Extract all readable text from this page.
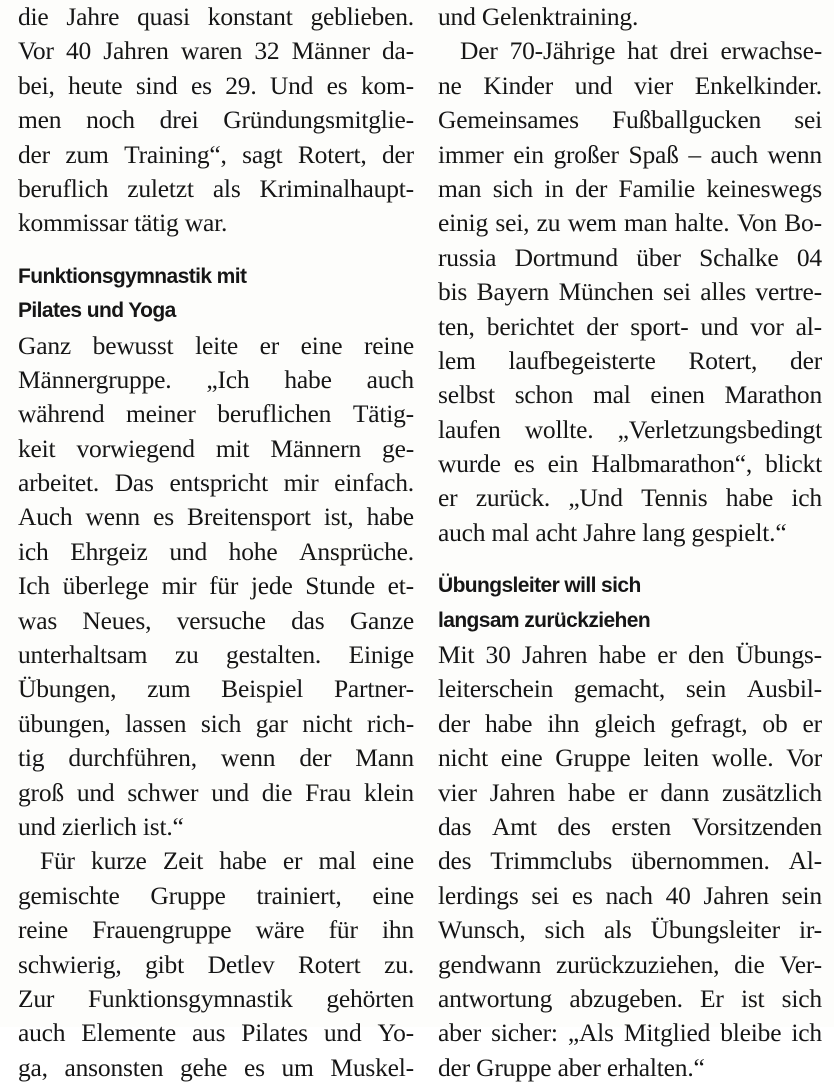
die Jahre quasi konstant geblieben.
Vor 40 Jahren waren 32 Männer da-
bei, heute sind es 29. Und es kom-
men noch drei Gründungsmitglie-
der zum Training“, sagt Rotert, der
beruflich zuletzt als Kriminalhaupt-
kommissar tätig war.
Funktionsgymnastik mit
Pilates und Yoga
Ganz bewusst leite er eine reine
Männergruppe. „Ich habe auch
während meiner beruflichen Tätig-
keit vorwiegend mit Männern ge-
arbeitet. Das entspricht mir einfach.
Auch wenn es Breitensport ist, habe
ich Ehrgeiz und hohe Ansprüche.
Ich überlege mir für jede Stunde et-
was Neues, versuche das Ganze
unterhaltsam zu gestalten. Einige
Übungen, zum Beispiel Partner-
übungen, lassen sich gar nicht rich-
tig durchführen, wenn der Mann
groß und schwer und die Frau klein
und zierlich ist.“
Für kurze Zeit habe er mal eine
gemischte Gruppe trainiert, eine
reine Frauengruppe wäre für ihn
schwierig, gibt Detlev Rotert zu.
Zur Funktionsgymnastik gehörten
auch Elemente aus Pilates und Yo-
ga, ansonsten gehe es um Muskel-
und Gelenktraining.
Der 70-Jährige hat drei erwachse-
ne Kinder und vier Enkelkinder.
Gemeinsames Fußballgucken sei
immer ein großer Spaß – auch wenn
man sich in der Familie keineswegs
einig sei, zu wem man halte. Von Bo-
russia Dortmund über Schalke 04
bis Bayern München sei alles vertre-
ten, berichtet der sport- und vor al-
lem laufbegeisterte Rotert, der
selbst schon mal einen Marathon
laufen wollte. „Verletzungsbedingt
wurde es ein Halbmarathon“, blickt
er zurück. „Und Tennis habe ich
auch mal acht Jahre lang gespielt.“
Übungsleiter will sich
langsam zurückziehen
Mit 30 Jahren habe er den Übungs-
leiterschein gemacht, sein Ausbil-
der habe ihn gleich gefragt, ob er
nicht eine Gruppe leiten wolle. Vor
vier Jahren habe er dann zusätzlich
das Amt des ersten Vorsitzenden
des Trimmclubs übernommen. Al-
lerdings sei es nach 40 Jahren sein
Wunsch, sich als Übungsleiter ir-
gendwann zurückzuziehen, die Ver-
antwortung abzugeben. Er ist sich
aber sicher: „Als Mitglied bleibe ich
der Gruppe aber erhalten.“
